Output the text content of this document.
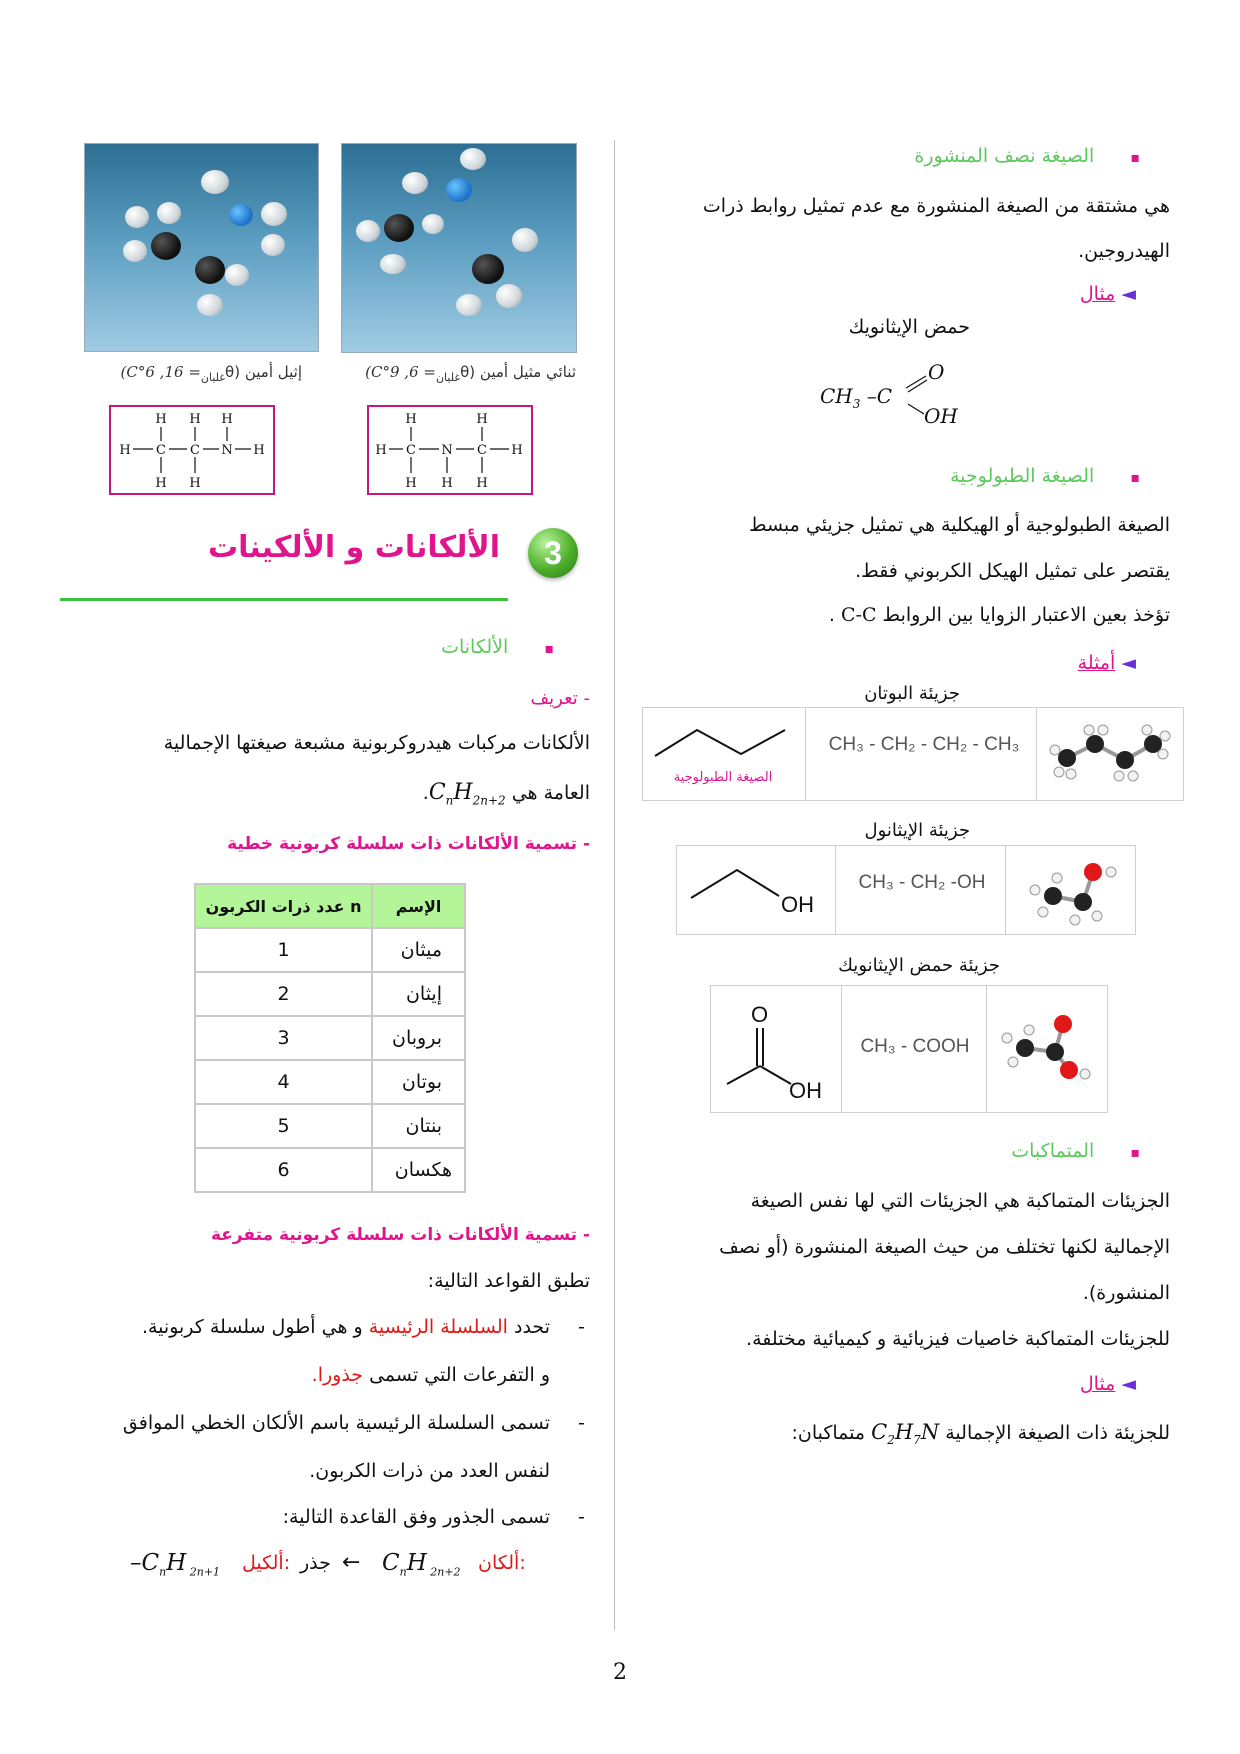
ثنائي مثيل أمين ($\theta_{غليان}= 6$, 9°C)
إثيل أمين ($\theta_{غليان}= 16$, 6°C)
H	H
H C N C H
H H H
H H H
H C C N H
H H
3
الألكانات و الألكينات
▪      الألكانات
- تعريف
الألكانات مركبات هيدروكربونية مشبعة صيغتها الإجمالية
العامة هي $C_nH_{2n+2}$.
- تسمية الألكانات ذات سلسلة كربونية خطية
عدد ذرات الكربون n	الإسم
1	ميثان
2	إيثان
3	بروبان
4	بوتان
5	بنتان
6	هكسان
- تسمية الألكانات ذات سلسلة كربونية متفرعة
تطبق القواعد التالية:
-
تحدد السلسلة الرئيسية و هي أطول سلسلة كربونية.
و التفرعات التي تسمى جذورا.
-
تسمى السلسلة الرئيسية باسم الألكان الخطي الموافق
لنفس العدد من ذرات الكربون.
-
تسمى الجذور وفق القاعدة التالية:
$-C_nH$ $_{2n+1}$ ألكيل: جذر ← $C_nH$ $_{2n+2}$ ألكان:
▪      الصيغة نصف المنشورة
هي مشتقة من الصيغة المنشورة مع عدم تمثيل روابط ذرات
الهيدروجين.
◄ مثال
حمض الإيثانويك
$CH_3$ –C
O
OH
▪      الصيغة الطبولوجية
الصيغة الطبولوجية أو الهيكلية هي تمثيل جزيئي مبسط
يقتصر على تمثيل الهيكل الكربوني فقط.
تؤخذ بعين الاعتبار الزوايا بين الروابط C-C .
◄ أمثلة
جزيئة البوتان
الصيغة الطبولوجية
CH₃ - CH₂ - CH₂ - CH₃
جزيئة الإيثانول
OH
CH₃ - CH₂ -OH
جزيئة حمض الإيثانويك
O
OH
CH₃ - COOH
▪      المتماكبات
الجزيئات المتماكبة هي الجزيئات التي لها نفس الصيغة
الإجمالية لكنها تختلف من حيث الصيغة المنشورة (أو نصف
المنشورة).
للجزيئات المتماكبة خاصيات فيزيائية و كيميائية مختلفة.
◄ مثال
للجزيئة ذات الصيغة الإجمالية $C_2H_7N$ متماكبان:
2
